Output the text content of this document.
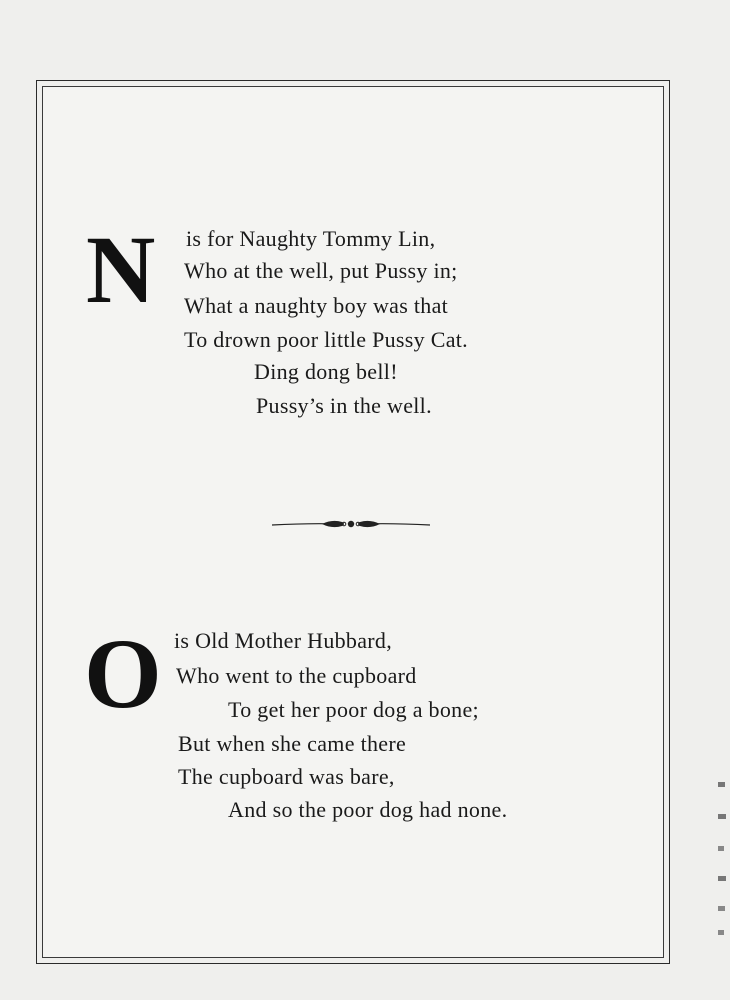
N is for Naughty Tommy Lin,
Who at the well, put Pussy in;
What a naughty boy was that
To drown poor little Pussy Cat.
Ding dong bell!
Pussy’s in the well.
O is Old Mother Hubbard,
Who went to the cupboard
To get her poor dog a bone;
But when she came there
The cupboard was bare,
And so the poor dog had none.
